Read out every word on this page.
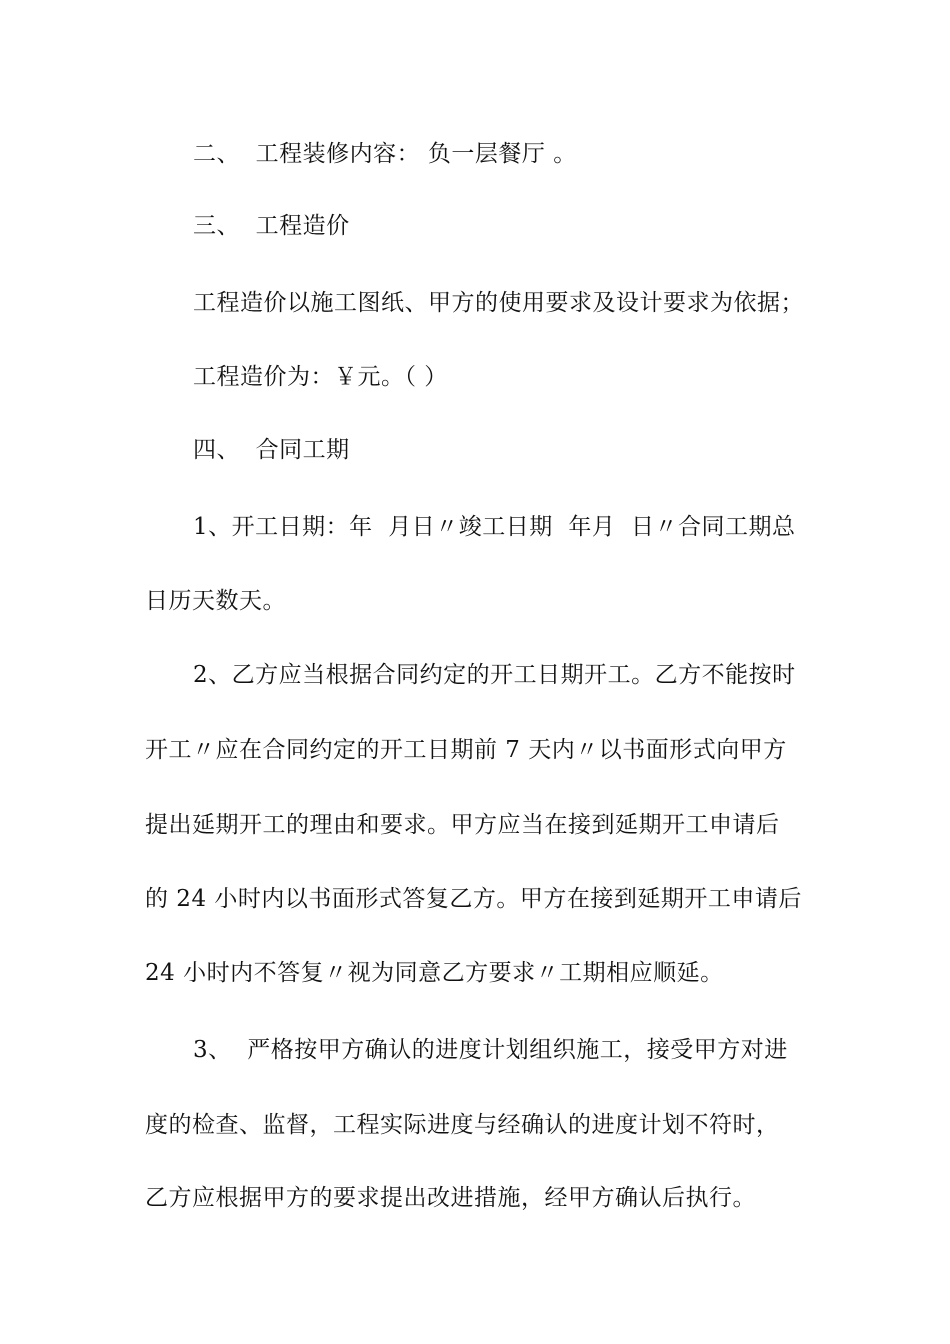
二、  工程装修内容： 负一层餐厅 。
三、  工程造价
工程造价以施工图纸、甲方的使用要求及设计要求为依据；
工程造价为：￥元。（ ）
四、  合同工期
1、开工日期：年  月日〃竣工日期  年月  日〃合同工期总
日历天数天。
2、乙方应当根据合同约定的开工日期开工。乙方不能按时
开工〃应在合同约定的开工日期前 7 天内〃以书面形式向甲方
提出延期开工的理由和要求。甲方应当在接到延期开工申请后
的 24 小时内以书面形式答复乙方。甲方在接到延期开工申请后
24 小时内不答复〃视为同意乙方要求〃工期相应顺延。
3、  严格按甲方确认的进度计划组织施工，接受甲方对进
度的检查、监督，工程实际进度与经确认的进度计划不符时，
乙方应根据甲方的要求提出改进措施，经甲方确认后执行。
